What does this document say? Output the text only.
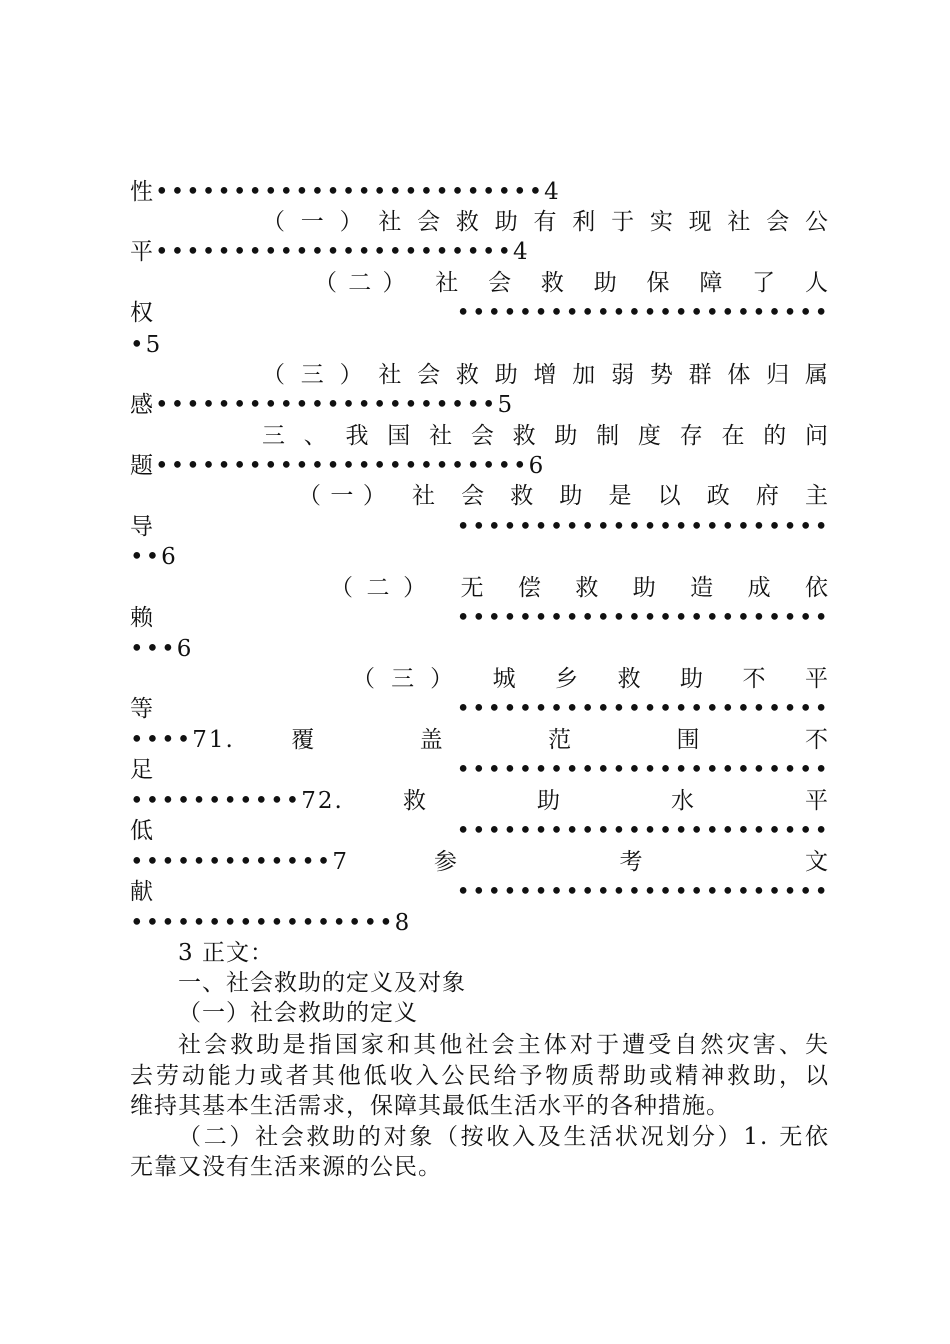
性•••••••••••••••••••••••••4
（一）社会救助有利于实现社会公
平•••••••••••••••••••••••4
（二） 社 会 救 助 保 障 了 人
权 ••••••••••••••••••••••••
•5
（三）社会救助增加弱势群体归属
感••••••••••••••••••••••5
三、我国社会救助制度存在的问
题••••••••••••••••••••••••6
（一） 社 会 救 助 是 以 政 府 主
导 ••••••••••••••••••••••••
••6
（二） 无 偿 救 助 造 成 依
赖 ••••••••••••••••••••••••
•••6
（三） 城 乡 救 助 不 平
等 ••••••••••••••••••••••••
••••71. 覆 盖 范 围 不
足 ••••••••••••••••••••••••
•••••••••••72. 救 助 水 平
低 ••••••••••••••••••••••••
•••••••••••••7 参 考 文
献 ••••••••••••••••••••••••
•••••••••••••••••8
3 正文：
一、社会救助的定义及对象
（一）社会救助的定义
社会救助是指国家和其他社会主体对于遭受自然灾害、失
去劳动能力或者其他低收入公民给予物质帮助或精神救助，以
维持其基本生活需求，保障其最低生活水平的各种措施。
（二）社会救助的对象（按收入及生活状况划分）1. 无依
无靠又没有生活来源的公民。
